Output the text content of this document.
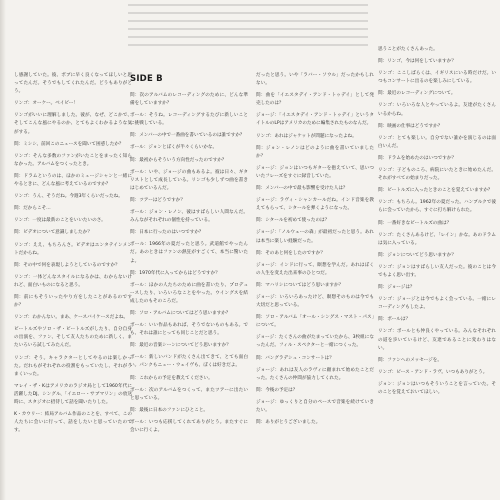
SIDE B

し感謝していた。彼、ボブに早く良くなってほしいと思ってたんだ。そうでもしてくれたんだ。どうもありがとう。

リンゴ：オーケー。ベイビー！

リンゴがいいに理解しました。彼が、なぜ、どこかで、そしてこんな風にやるのか、とてもよくわかるような気がする。

問：ミシシ、前回このニュースを聞いて困惑したか？

リンゴ：そんな多数のファンがいたことをまったく知らなかった。アルバムをつくったとき。

問：ドラムというのは、ほかのミュージシャンと一緒にやるときに、どんな風に考えているのですか？

リンゴ：うん、そうだね。今週3年くらいだったね。

問：だからこそ…

リンゴ：一度は最新のことをいいたいのさ。

問：ビデオについて意識しましたか？

リンゴ：ええ、もちろんさ。ビデオはエンタテインメントだからね。

問：その中で何を表現しようとしているのですか？

リンゴ：一体どんなスタイルになるかは、わからないけれど、面白いものになると思う。

問：前にもそういったやり方をしたことがあるのですか？

リンゴ：わかんない。まあ、ケースバイケースだよね。

ビートルズやソロ・ザ・ビートルズがしたり、自分自身の出演を、ファン、そして友人たちのために新しく、またいろいろ試してみたんだ。

リンゴ：そう。キャラクターとしてやるのは楽しかった。だれもがそれぞれの役割をもっていたし、それがうまくいった。

マレイ・ザ・Kはアメリカのラジオ局として1960年代に活躍したDJ。シングル、「イエロー・サブマリン」の放送時に、スタジオに招待して話を聞いたりした。

K・カウリー：結局アルバム作品のことを、すべて、この人たちに会いに行って、話をしたいと思っていたのです。

問：次のアルバムのレコーディングのために、どんな準備をしていますか？

ポール：そうね。レコーディングするたびに新しいことに挑戦している。

問：メンバーの中で一番曲を書いているのは誰ですか？

ポール：ジョンとぼくが半々くらいかな。

問：最初からそういう方向性だったのですか？

ポール：いや、ジョージの曲もあるよ。彼は日々、ギタリストとして成長している。リンゴも少しずつ曲を書きはじめているんだ。

問：ツアーはどうですか？

ポール：ジョン・レノン、彼はすばらしい人間なんだ。みんながそれぞれの個性を持っている。

問：日本に行ったのはいつですか？

ポール：1966年の夏だったと思う。武道館でやったんだ。あのときはファンの熱狂がすごくて、本当に驚いたよ。

問：1970年代に入ってからはどうですか？

ポール：ほかの人たちのために曲を書いたり、プロデュースしたり、いろいろなことをやった。ウイングスを結成したのもそのころだ。

問：ソロ・アルバムについてはどう思いますか？

ポール：いい作品もあれば、そうでないものもある。でも、それは誰にとっても同じことだと思う。

問：最近の音楽シーンについてどう思いますか？

ポール：新しいバンドがたくさん出てきて、とても面白い。パンクもニュー・ウェイヴも、ぼくは好きだよ。

問：これからの予定を教えてください。

ポール：次のアルバムをつくって、またツアーに出たいと思っている。

問：最後に日本のファンにひとこと。

ポール：いつも応援してくれてありがとう。またすぐに会いに行くよ。

だったと思う。いや「ラバー・ソウル」だったかもしれない。

問：曲を「イエスタデイ・アンド・トゥデイ」として発売したのは？

ジョージ：「イエスタデイ・アンド・トゥデイ」というタイトルのLPはアメリカのために編集されたものなんだ。

リンゴ：あれはジャケットが問題になったよね。

問：ジョン・レノンはどのように曲を書いていましたか？

ジョージ：ジョンはいつもギターを抱えていて、思いついたフレーズをすぐに録音していた。

問：メンバーの中で最も影響を受けた人は？

ジョージ：ラヴィ・シャンカールだね。インド音楽を教えてもらって、シタールを弾くようになった。

問：シタールを初めて使ったのは？

ジョージ：「ノルウェーの森」が最初だったと思う。あれは本当に楽しい経験だった。

問：そのあと何をしたのですか？

ジョージ：インドに行って、瞑想を学んだ。あれはぼくの人生を変えた出来事のひとつだ。

問：マハリシについてはどう思いますか？

ジョージ：いろいろあったけど、瞑想そのものは今でも大切だと思っている。

問：ソロ・アルバム「オール・シングス・マスト・パス」について。

ジョージ：たくさんの曲がたまっていたから、3枚組になったんだ。フィル・スペクターと一緒につくった。

問：バングラデシュ・コンサートは？

ジョージ：あれは友人のラヴィに頼まれて始めたことだった。たくさんの仲間が協力してくれた。

問：今後の予定は？

ジョージ：ゆっくりと自分のペースで音楽を続けていきたい。

問：ありがとうございました。

思うことがたくさんあった。

問：リンゴ、今は何をしていますか？

リンゴ：ここしばらくは、イギリスにいる時だけだ。いつもコンサートに出るのを楽しみにしている。

問：最近のレコーディングについて。

リンゴ：いろいろな人とやっているよ。友達がたくさんいるからね。

問：映画の仕事はどうですか？

リンゴ：とても楽しい。自分でない誰かを演じるのは面白いんだ。

問：ドラムを始めたのはいつですか？

リンゴ：子どものころ、病院にいたときに始めたんだ。それがすべての始まりだった。

問：ビートルズに入ったときのことを覚えていますか？

リンゴ：もちろん。1962年の夏だった。ハンブルクで彼らに会っていたから、すぐに打ち解けられた。

問：一番好きなビートルズの曲は？

リンゴ：たくさんあるけど、「レイン」かな。あのドラムは気に入っている。

問：ジョンについてどう思いますか？

リンゴ：ジョンはすばらしい友人だった。彼のことは今でもよく思い出す。

問：ジョージは？

リンゴ：ジョージとは今でもよく会っている。一緒にレコーディングもしたよ。

問：ポールは？

リンゴ：ポールとも仲良くやっている。みんなそれぞれの道を歩いているけど、友達であることに変わりはない。

問：ファンへのメッセージを。

リンゴ：ピース・アンド・ラヴ。いつもありがとう。

ジョン：ジョンはいつもそういうことを言っていた。そのことを覚えておいてほしい。
